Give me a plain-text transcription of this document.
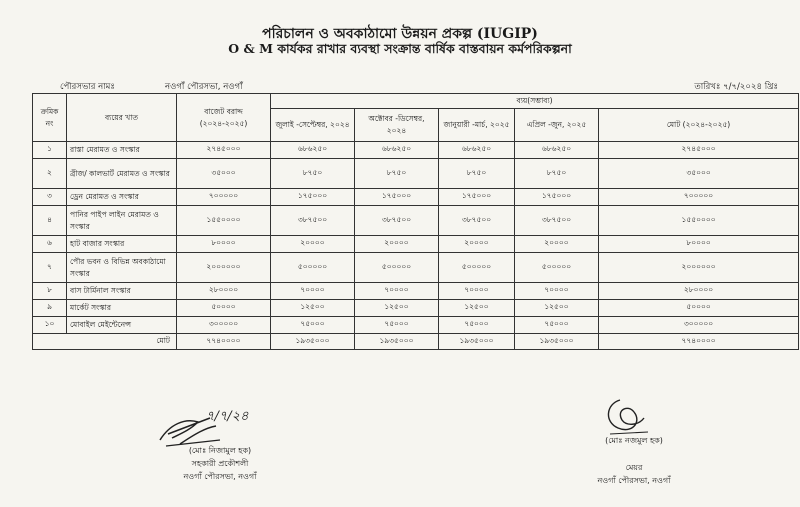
পরিচালন ও অবকাঠামো উন্নয়ন প্রকল্প (IUGIP)
O & M কার্যকর রাখার ব্যবস্থা সংক্রান্ত বার্ষিক বাস্তবায়ন কর্মপরিকল্পনা
পৌরসভার নামঃ	নওগাঁ পৌরসভা, নওগাঁ	তারিখঃ ৭/৭/২০২৪ খ্রিঃ
ক্রমিক নং	ব্যয়ের খাত	বাজেট বরাদ্দ (২০২৪-২০২৫)	ব্যয়(সম্ভাব্য)				
			জুলাই -সেপ্টেম্বর, ২০২৪	অক্টোবর -ডিসেম্বর, ২০২৪	জানুয়ারী -মার্চ, ২০২৫	এপ্রিল -জুন, ২০২৫	মোট (২০২৪-২০২৫)
১	রাস্তা মেরামত ও সংস্কার	২৭৪৫০০০	৬৮৬২৫০	৬৮৬২৫০	৬৮৬২৫০	৬৮৬২৫০	২৭৪৫০০০
২	ব্রীজ/ কালভার্ট মেরামত ও সংস্কার	৩৫০০০	৮৭৫০	৮৭৫০	৮৭৫০	৮৭৫০	৩৫০০০
৩	ড্রেন মেরামত ও সংস্কার	৭০০০০০	১৭৫০০০	১৭৫০০০	১৭৫০০০	১৭৫০০০	৭০০০০০
৪	পানির পাইপ লাইন মেরামত ও সংস্কার	১৫৫০০০০	৩৮৭৫০০	৩৮৭৫০০	৩৮৭৫০০	৩৮৭৫০০	১৫৫০০০০
৬	হাট বাজার সংস্কার	৮০০০০	২০০০০	২০০০০	২০০০০	২০০০০	৮০০০০
৭	পৌর ভবন ও বিভিন্ন অবকাঠামো সংস্কার	২০০০০০০	৫০০০০০	৫০০০০০	৫০০০০০	৫০০০০০	২০০০০০০
৮	বাস টার্মিনাল সংস্কার	২৮০০০০	৭০০০০	৭০০০০	৭০০০০	৭০০০০	২৮০০০০
৯	মার্কেট সংস্কার	৫০০০০	১২৫০০	১২৫০০	১২৫০০	১২৫০০	৫০০০০
১০	মোবাইল মেইন্টেনেন্স	৩০০০০০	৭৫০০০	৭৫০০০	৭৫০০০	৭৫০০০	৩০০০০০
মোট		৭৭৪০০০০	১৯৩৫০০০	১৯৩৫০০০	১৯৩৫০০০	১৯৩৫০০০	৭৭৪০০০০
৭/৭/২৪
(মোঃ নিজামুল হক)
সহকারী প্রকৌশলী
নওগাঁ পৌরসভা, নওগাঁ
(মোঃ নজমুল হক)
মেয়র
নওগাঁ পৌরসভা, নওগাঁ
